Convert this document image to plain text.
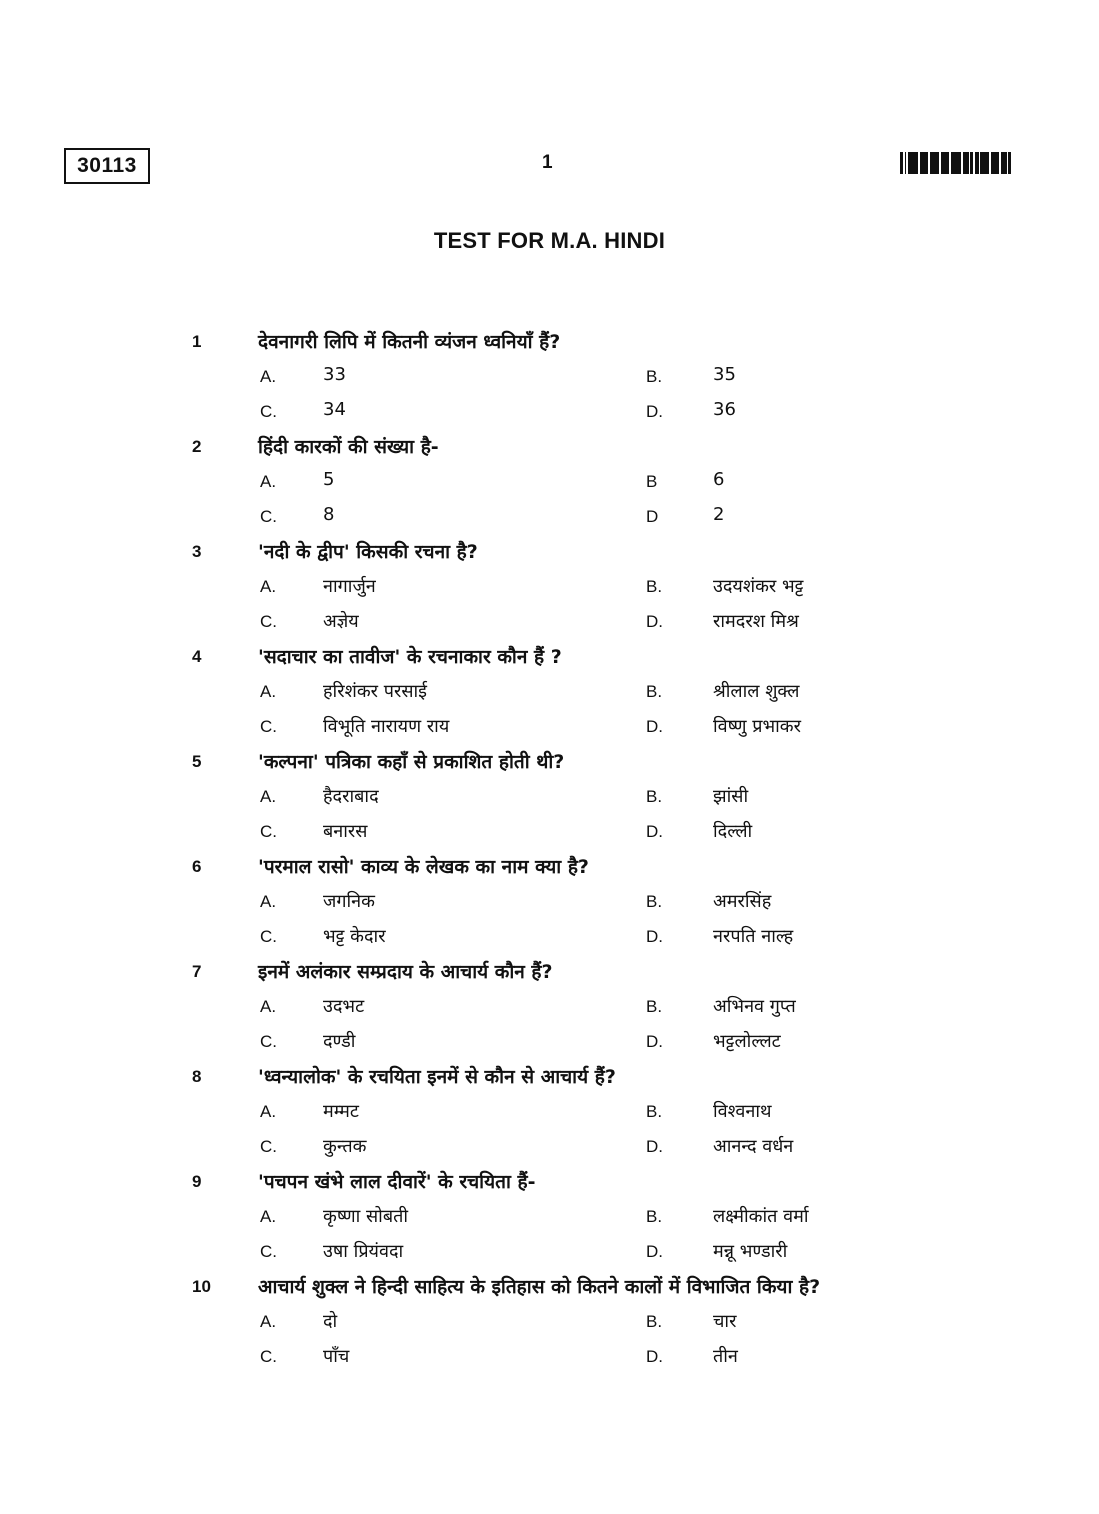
30113	1
TEST FOR M.A. HINDI
1	देवनागरी लिपि में कितनी व्यंजन ध्वनियाँ हैं?
A.	33	B.	35
C.	34	D.	36
2	हिंदी कारकों की संख्या है-
A.	5	B	6
C.	8	D	2
3	'नदी के द्वीप' किसकी रचना है?
A.	नागार्जुन	B.	उदयशंकर भट्ट
C.	अज्ञेय	D.	रामदरश मिश्र
4	'सदाचार का तावीज' के रचनाकार कौन हैं ?
A.	हरिशंकर परसाई	B.	श्रीलाल शुक्ल
C.	विभूति नारायण राय	D.	विष्णु प्रभाकर
5	'कल्पना' पत्रिका कहाँ से प्रकाशित होती थी?
A.	हैदराबाद	B.	झांसी
C.	बनारस	D.	दिल्ली
6	'परमाल रासो' काव्य के लेखक का नाम क्या है?
A.	जगनिक	B.	अमरसिंह
C.	भट्ट केदार	D.	नरपति नाल्ह
7	इनमें अलंकार सम्प्रदाय के आचार्य कौन हैं?
A.	उदभट	B.	अभिनव गुप्त
C.	दण्डी	D.	भट्टलोल्लट
8	'ध्वन्यालोक' के रचयिता इनमें से कौन से आचार्य हैं?
A.	मम्मट	B.	विश्वनाथ
C.	कुन्तक	D.	आनन्द वर्धन
9	'पचपन खंभे लाल दीवारें' के रचयिता हैं-
A.	कृष्णा सोबती	B.	लक्ष्मीकांत वर्मा
C.	उषा प्रियंवदा	D.	मन्नू भण्डारी
10 आचार्य शुक्ल ने हिन्दी साहित्य के इतिहास को कितने कालों में विभाजित किया है?
A.	दो	B.	चार
C.	पाँच	D.	तीन
